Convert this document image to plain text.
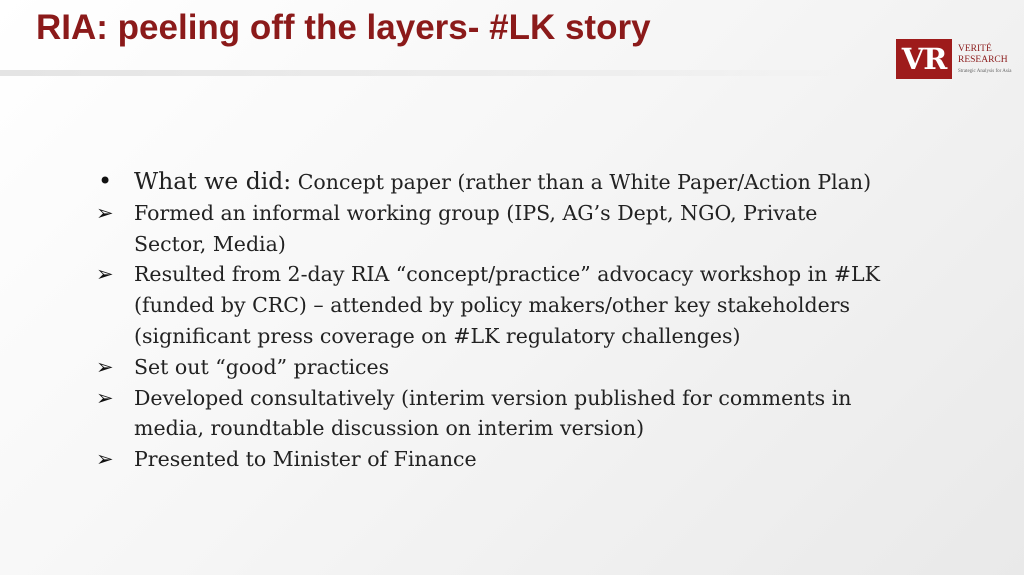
RIA: peeling off the layers- #LK story
VR	VERITÉ
RESEARCH
Strategic Analysis for Asia
• What we did: Concept paper (rather than a White Paper/Action Plan)
➢ Formed an informal working group (IPS, AG’s Dept, NGO, Private Sector, Media)
➢ Resulted from 2-day RIA “concept/practice” advocacy workshop in #LK (funded by CRC) – attended by policy makers/other key stakeholders (significant press coverage on #LK regulatory challenges)
➢ Set out “good” practices
➢ Developed consultatively (interim version published for comments in media, roundtable discussion on interim version)
➢ Presented to Minister of Finance
